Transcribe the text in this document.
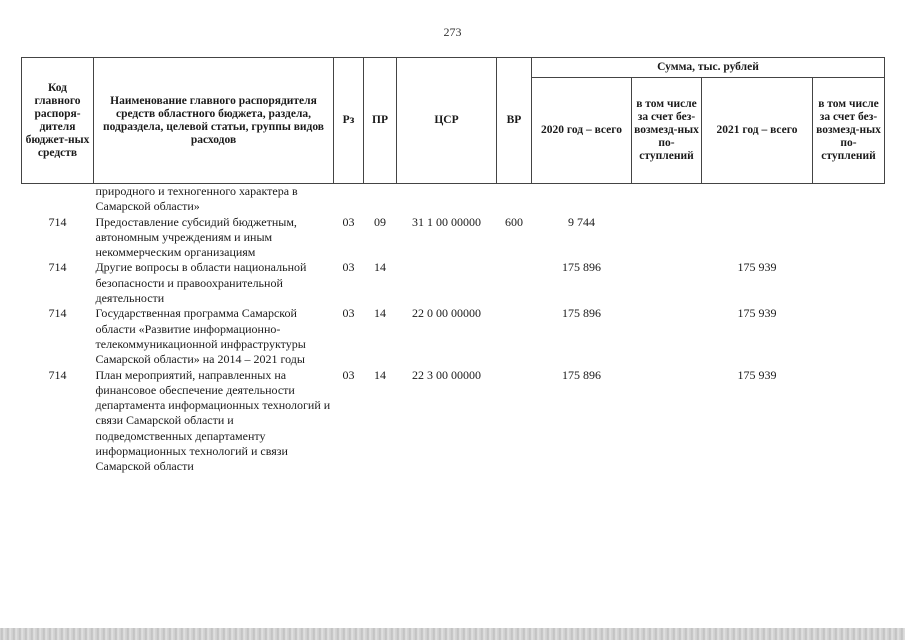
273
Код главного распоря-дителя бюджет-ных средств	Наименование главного распорядителя средств областного бюджета, раздела, подраздела, целевой статьи, группы видов расходов	Рз	ПР	ЦСР	ВР	Сумма, тыс. рублей			
						2020 год – всего	в том числе за счет без-возмезд-ных по-ступлений	2021 год – всего	в том числе за счет без-возмезд-ных по-ступлений
	природного и техногенного характера в Самарской области»								
714	Предоставление субсидий бюджетным, автономным учреждениям и иным некоммерческим организациям	03	09	31 1 00 00000	600	9 744			
714	Другие вопросы в области национальной безопасности и правоохранительной деятельности	03	14			175 896		175 939	
714	Государственная программа Самарской области «Развитие информационно-телекоммуникационной инфраструктуры Самарской области» на 2014 – 2021 годы	03	14	22 0 00 00000		175 896		175 939	
714	План мероприятий, направленных на финансовое обеспечение деятельности департамента информационных технологий и связи Самарской области и подведомственных департаменту информационных технологий и связи Самарской области	03	14	22 3 00 00000		175 896		175 939	
